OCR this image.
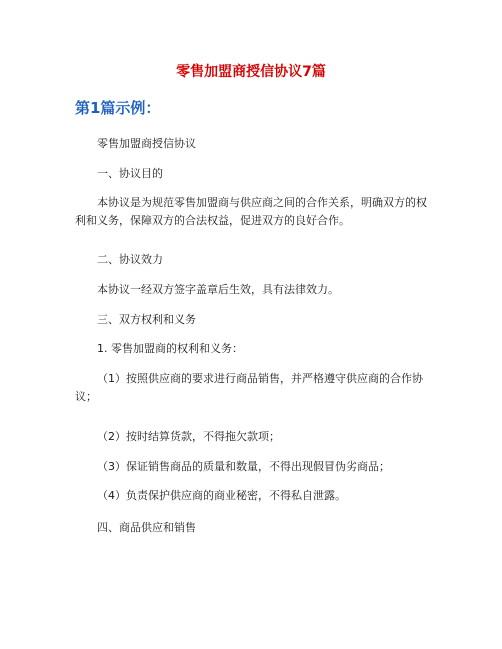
零售加盟商授信协议7篇
第1篇示例：
零售加盟商授信协议
一、协议目的
本协议是为规范零售加盟商与供应商之间的合作关系，明确双方的权利和义务，保障双方的合法权益，促进双方的良好合作。
二、协议效力
本协议一经双方签字盖章后生效，具有法律效力。
三、双方权利和义务
1. 零售加盟商的权利和义务：
（1）按照供应商的要求进行商品销售，并严格遵守供应商的合作协议；
（2）按时结算货款，不得拖欠款项；
（3）保证销售商品的质量和数量，不得出现假冒伪劣商品；
（4）负责保护供应商的商业秘密，不得私自泄露。
四、商品供应和销售
